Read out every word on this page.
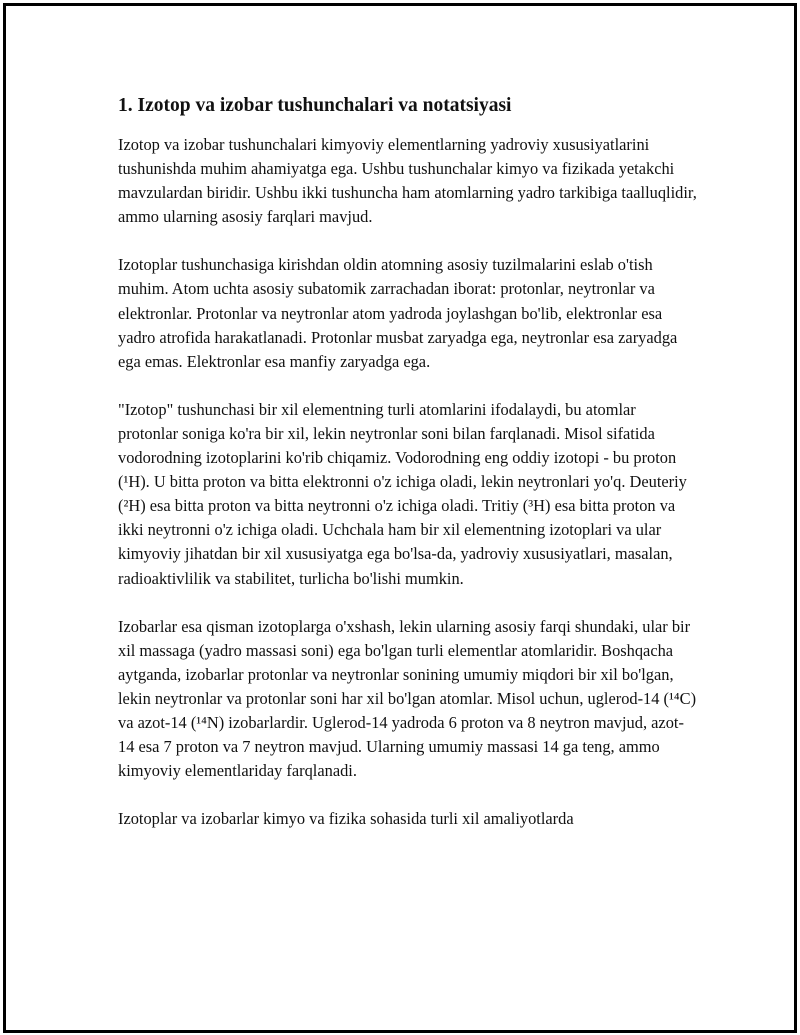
1. Izotop va izobar tushunchalari va notatsiyasi

Izotop va izobar tushunchalari kimyoviy elementlarning yadroviy xususiyatlarini tushunishda muhim ahamiyatga ega. Ushbu tushunchalar kimyo va fizikada yetakchi mavzulardan biridir. Ushbu ikki tushuncha ham atomlarning yadro tarkibiga taalluqlidir, ammo ularning asosiy farqlari mavjud.

Izotoplar tushunchasiga kirishdan oldin atomning asosiy tuzilmalarini eslab o'tish muhim. Atom uchta asosiy subatomik zarrachadan iborat: protonlar, neytronlar va elektronlar. Protonlar va neytronlar atom yadroda joylashgan bo'lib, elektronlar esa yadro atrofida harakatlanadi. Protonlar musbat zaryadga ega, neytronlar esa zaryadga ega emas. Elektronlar esa manfiy zaryadga ega.

"Izotop" tushunchasi bir xil elementning turli atomlarini ifodalaydi, bu atomlar protonlar soniga ko'ra bir xil, lekin neytronlar soni bilan farqlanadi. Misol sifatida vodorodning izotoplarini ko'rib chiqamiz. Vodorodning eng oddiy izotopi - bu proton (¹H). U bitta proton va bitta elektronni o'z ichiga oladi, lekin neytronlari yo'q. Deuteriy (²H) esa bitta proton va bitta neytronni o'z ichiga oladi. Tritiy (³H) esa bitta proton va ikki neytronni o'z ichiga oladi. Uchchala ham bir xil elementning izotoplari va ular kimyoviy jihatdan bir xil xususiyatga ega bo'lsa-da, yadroviy xususiyatlari, masalan, radioaktivlilik va stabilitet, turlicha bo'lishi mumkin.

Izobarlar esa qisman izotoplarga o'xshash, lekin ularning asosiy farqi shundaki, ular bir xil massaga (yadro massasi soni) ega bo'lgan turli elementlar atomlaridir. Boshqacha aytganda, izobarlar protonlar va neytronlar sonining umumiy miqdori bir xil bo'lgan, lekin neytronlar va protonlar soni har xil bo'lgan atomlar. Misol uchun, uglerod-14 (¹⁴C) va azot-14 (¹⁴N) izobarlardir. Uglerod-14 yadroda 6 proton va 8 neytron mavjud, azot-14 esa 7 proton va 7 neytron mavjud. Ularning umumiy massasi 14 ga teng, ammo kimyoviy elementlariday farqlanadi.

Izotoplar va izobarlar kimyo va fizika sohasida turli xil amaliyotlarda
